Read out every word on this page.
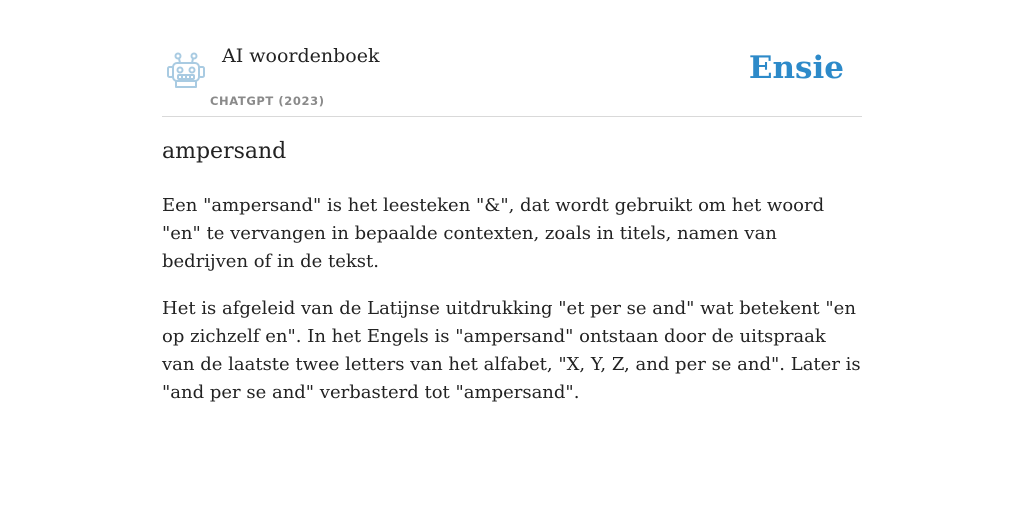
AI woordenboek
CHATGPT (2023)
Ensie
ampersand

Een "ampersand" is het leesteken "&", dat wordt gebruikt om het woord "en" te vervangen in bepaalde contexten, zoals in titels, namen van bedrijven of in de tekst.

Het is afgeleid van de Latijnse uitdrukking "et per se and" wat betekent "en op zichzelf en". In het Engels is "ampersand" ontstaan door de uitspraak van de laatste twee letters van het alfabet, "X, Y, Z, and per se and". Later is "and per se and" verbasterd tot "ampersand".
